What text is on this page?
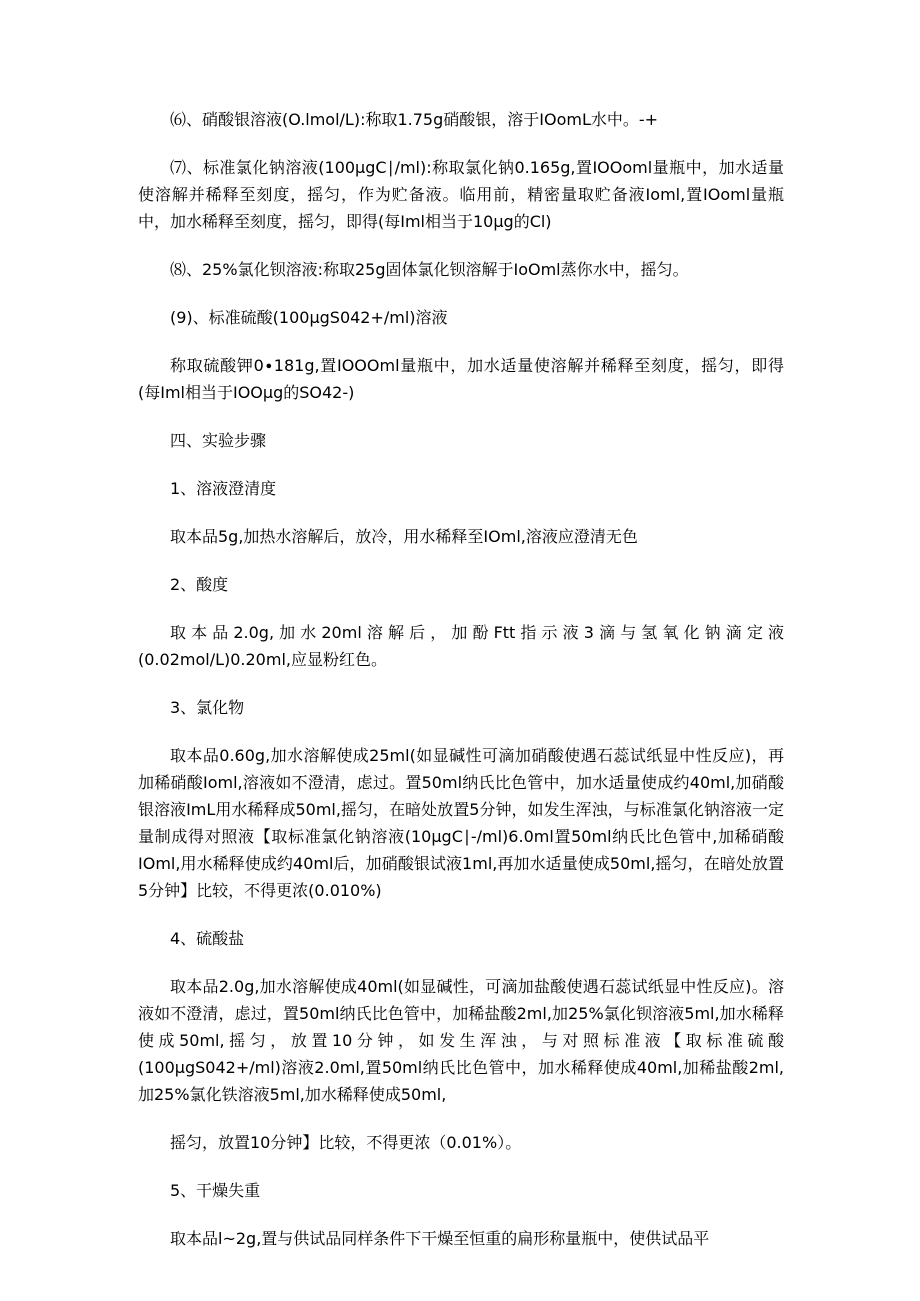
⑹、硝酸银溶液(O.lmol/L):称取1.75g硝酸银，溶于IOomL水中。-+

⑺、标准氯化钠溶液(100μgC∣∕ml):称取氯化钠0.165g,置IOOoml量瓶中，加水适量使溶解并稀释至刻度，摇匀，作为贮备液。临用前，精密量取贮备液Ioml,置IOoml量瓶中，加水稀释至刻度，摇匀，即得(每Iml相当于10μg的Cl)

⑻、25%氯化钡溶液:称取25g固体氯化钡溶解于IoOml蒸你水中，摇匀。

(9)、标准硫酸(100μgS042+∕ml)溶液

称取硫酸钾0∙181g,置IOOOml量瓶中，加水适量使溶解并稀释至刻度，摇匀，即得(每Iml相当于IOOμg的SO42-)

四、实验步骤

1、溶液澄清度

取本品5g,加热水溶解后，放冷，用水稀释至IOml,溶液应澄清无色

2、酸度

取本品2.0g,加水20ml溶解后，加酚Ftt指示液3滴与氢氧化钠滴定液(0.02mol∕L)0.20ml,应显粉红色。

3、氯化物

取本品0.60g,加水溶解使成25ml(如显碱性可滴加硝酸使遇石蕊试纸显中性反应)，再加稀硝酸Ioml,溶液如不澄清，虑过。置50ml纳氏比色管中，加水适量使成约40ml,加硝酸银溶液ImL用水稀释成50ml,摇匀，在暗处放置5分钟，如发生浑浊，与标准氯化钠溶液一定量制成得对照液【取标准氯化钠溶液(10μgC∣-∕ml)6.0ml置50ml纳氏比色管中,加稀硝酸IOml,用水稀释使成约40ml后，加硝酸银试液1ml,再加水适量使成50ml,摇匀，在暗处放置5分钟】比较，不得更浓(0.010%)

4、硫酸盐

取本品2.0g,加水溶解使成40ml(如显碱性，可滴加盐酸使遇石蕊试纸显中性反应)。溶液如不澄清，虑过，置50ml纳氏比色管中，加稀盐酸2ml,加25%氯化钡溶液5ml,加水稀释使成50ml,摇匀，放置10分钟，如发生浑浊，与对照标准液【取标准硫酸(100μgS042+∕ml)溶液2.0ml,置50ml纳氏比色管中，加水稀释使成40ml,加稀盐酸2ml,加25%氯化铁溶液5ml,加水稀释使成50ml,

摇匀，放置10分钟】比较，不得更浓（0.01%）。

5、干燥失重

取本品l~2g,置与供试品同样条件下干燥至恒重的扁形称量瓶中，使供试品平
